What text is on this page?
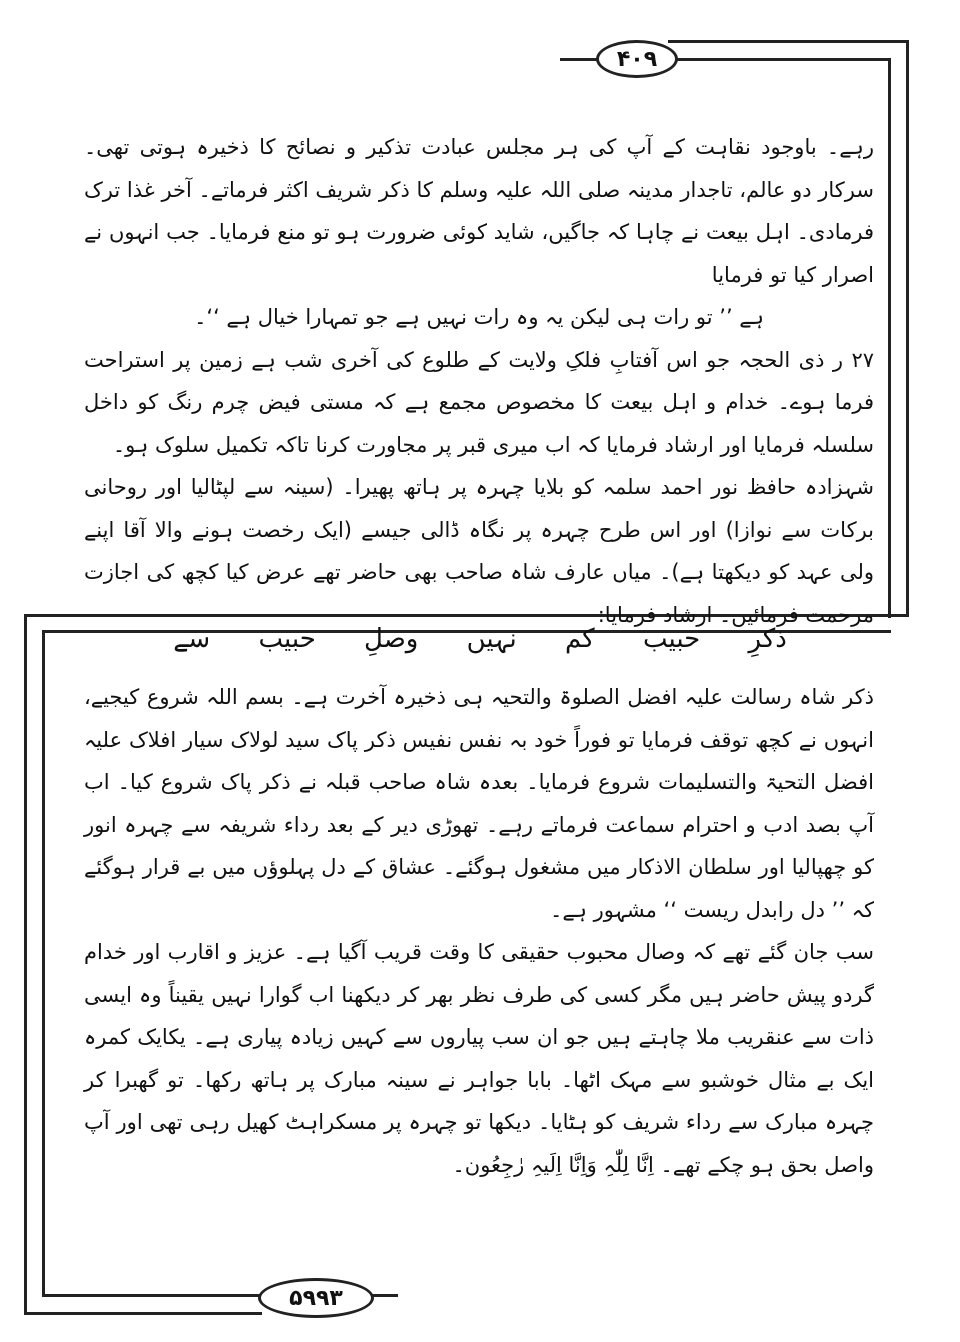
۴۰۹
۵۹۹۳

رہے۔ باوجود نقاہت کے آپ کی ہر مجلس عبادت تذکیر و نصائح کا ذخیرہ ہوتی تھی۔ سرکار دو عالم، تاجدار مدینہ صلی اللہ علیہ وسلم کا ذکر شریف اکثر فرماتے۔ آخر غذا ترک فرمادی۔ اہل بیعت نے چاہا کہ جاگیں، شاید کوئی ضرورت ہو تو منع فرمایا۔ جب انہوں نے اصرار کیا تو فرمایا

ہے ’’ تو رات ہی لیکن یہ وہ رات نہیں ہے جو تمہارا خیال ہے ‘‘۔

۲۷ ر ذی الحجہ جو اس آفتابِ فلکِ ولایت کے طلوع کی آخری شب ہے زمین پر استراحت فرما ہوے۔ خدام و اہل بیعت کا مخصوص مجمع ہے کہ مستی فیض چرم رنگ کو داخل سلسلہ فرمایا اور ارشاد فرمایا کہ اب میری قبر پر مجاورت کرنا تاکہ تکمیل سلوک ہو۔

شہزادہ حافظ نور احمد سلمہ کو بلایا چہرہ پر ہاتھ پھیرا۔ (سینہ سے لپٹالیا اور روحانی برکات سے نوازا) اور اس طرح چہرہ پر نگاہ ڈالی جیسے (ایک رخصت ہونے والا آقا اپنے ولی عہد کو دیکھتا ہے)۔ میاں عارف شاہ صاحب بھی حاضر تھے عرض کیا کچھ کی اجازت مرحمت فرمائیں۔ ارشاد فرمایا:

ذکرِ حبیب کم نہیں وصلِ حبیب سے

ذکر شاہ رسالت علیہ افضل الصلوۃ والتحیہ ہی ذخیرہ آخرت ہے۔ بسم اللہ شروع کیجیے، انہوں نے کچھ توقف فرمایا تو فوراً خود بہ نفس نفیس ذکر پاک سید لولاک سیار افلاک علیہ افضل التحیۃ والتسلیمات شروع فرمایا۔ بعدہ شاہ صاحب قبلہ نے ذکر پاک شروع کیا۔ اب آپ بصد ادب و احترام سماعت فرماتے رہے۔ تھوڑی دیر کے بعد رداء شریفہ سے چہرہ انور کو چھپالیا اور سلطان الاذکار میں مشغول ہوگئے۔ عشاق کے دل پہلوؤں میں بے قرار ہوگئے کہ ’’ دل رابدل ریست ‘‘ مشہور ہے۔

سب جان گئے تھے کہ وصال محبوب حقیقی کا وقت قریب آگیا ہے۔ عزیز و اقارب اور خدام گردو پیش حاضر ہیں مگر کسی کی طرف نظر بھر کر دیکھنا اب گوارا نہیں یقیناً وہ ایسی ذات سے عنقریب ملا چاہتے ہیں جو ان سب پیاروں سے کہیں زیادہ پیاری ہے۔ یکایک کمرہ ایک بے مثال خوشبو سے مہک اٹھا۔ بابا جواہر نے سینہ مبارک پر ہاتھ رکھا۔ تو گھبرا کر چہرہ مبارک سے رداء شریف کو ہٹایا۔ دیکھا تو چہرہ پر مسکراہٹ کھیل رہی تھی اور آپ واصل بحق ہو چکے تھے۔ اِنَّا لِلّٰہِ وَاِنَّا اِلَیہِ رٰجِعُون۔
